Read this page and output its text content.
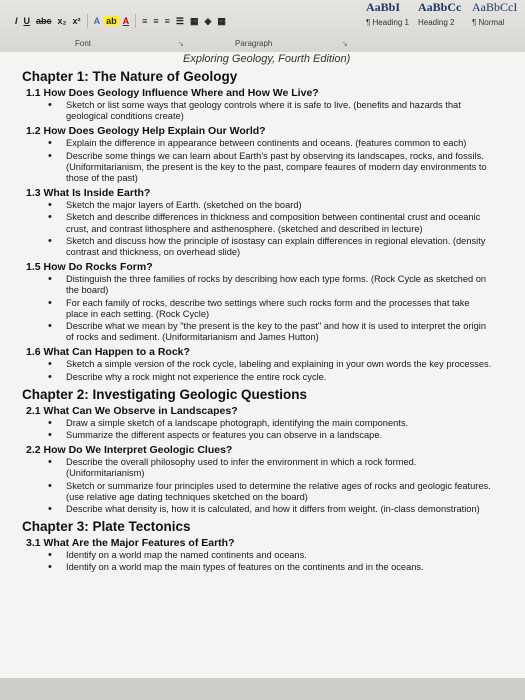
I U abc x₂ x²	A ab A	≡ ≡ ≡ ☰ ▦ ◈ ▦
Font	↘	Paragraph	↘
AaBbI
¶ Heading 1
AaBbCc
Heading 2
AaBbCcI
¶ Normal
Exploring Geology, Fourth Edition)
Chapter 1: The Nature of Geology
1.1 How Does Geology Influence Where and How We Live?
• Sketch or list some ways that geology controls where it is safe to live. (benefits and hazards that geological conditions create)
1.2 How Does Geology Help Explain Our World?
• Explain the difference in appearance between continents and oceans. (features common to each)
• Describe some things we can learn about Earth's past by observing its landscapes, rocks, and fossils. (Uniformitarianism, the present is the key to the past, compare feaures of modern day environments to those of the past)
1.3 What Is Inside Earth?
• Sketch the major layers of Earth. (sketched on the board)
• Sketch and describe differences in thickness and composition between continental crust and oceanic crust, and contrast lithosphere and asthenosphere. (sketched and described in lecture)
• Sketch and discuss how the principle of isostasy can explain differences in regional elevation. (density contrast and thickness, on overhead slide)
1.5 How Do Rocks Form?
• Distinguish the three families of rocks by describing how each type forms. (Rock Cycle as sketched on the board)
• For each family of rocks, describe two settings where such rocks form and the processes that take place in each setting. (Rock Cycle)
• Describe what we mean by "the present is the key to the past" and how it is used to interpret the origin of rocks and sediment. (Uniformitarianism and James Hutton)
1.6 What Can Happen to a Rock?
• Sketch a simple version of the rock cycle, labeling and explaining in your own words the key processes.
• Describe why a rock might not experience the entire rock cycle.
Chapter 2: Investigating Geologic Questions
2.1 What Can We Observe in Landscapes?
• Draw a simple sketch of a landscape photograph, identifying the main components.
• Summarize the different aspects or features you can observe in a landscape.
2.2 How Do We Interpret Geologic Clues?
• Describe the overall philosophy used to infer the environment in which a rock formed. (Uniformitarianism)
• Sketch or summarize four principles used to determine the relative ages of rocks and geologic features. (use relative age dating techniques sketched on the board)
• Describe what density is, how it is calculated, and how it differs from weight. (in-class demonstration)
Chapter 3: Plate Tectonics
3.1 What Are the Major Features of Earth?
• Identify on a world map the named continents and oceans.
• Identify on a world map the main types of features on the continents and in the oceans.
